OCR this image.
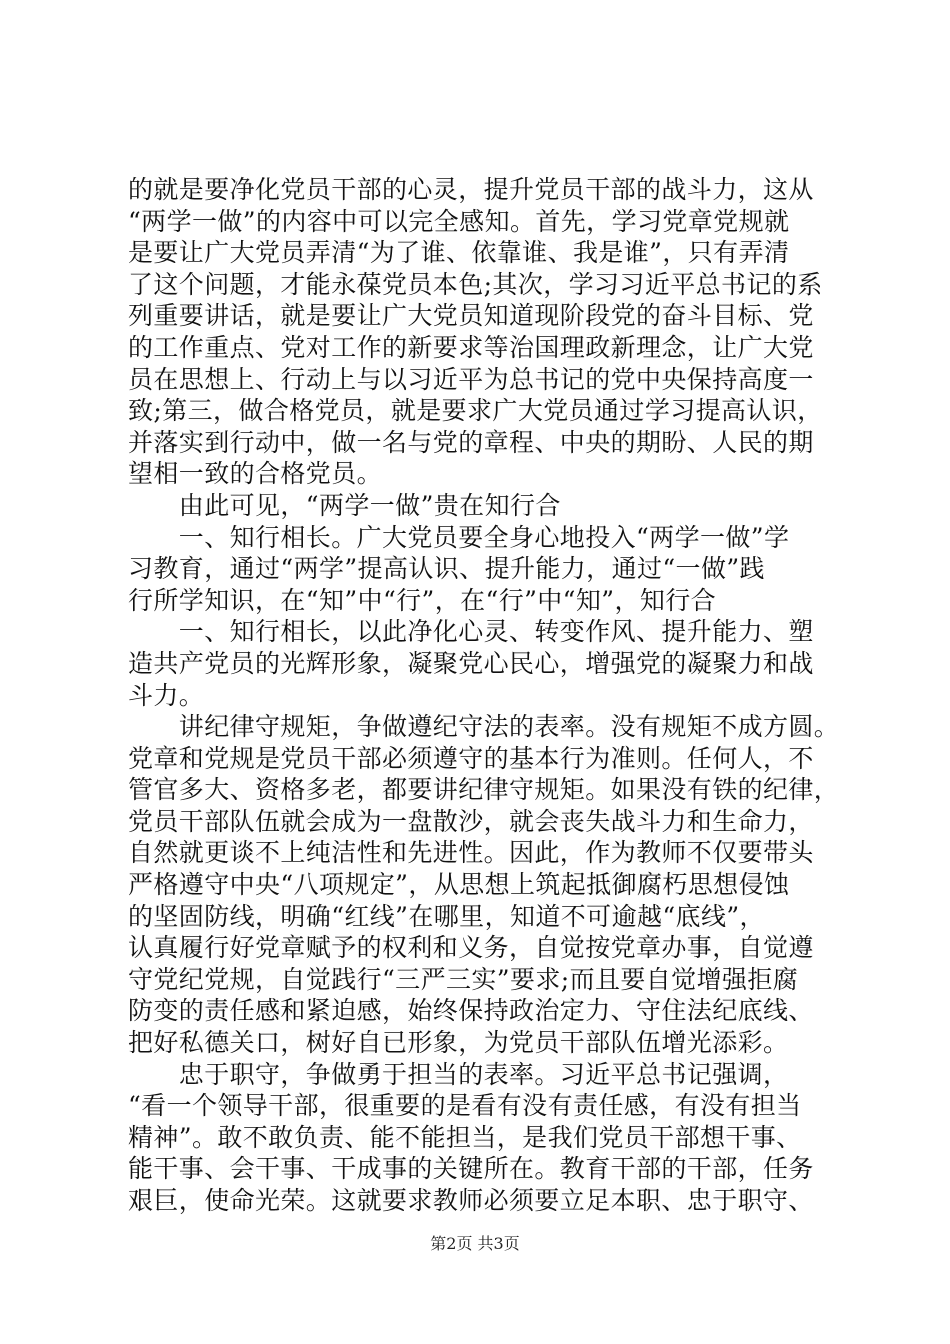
的就是要净化党员干部的心灵，提升党员干部的战斗力，这从
“两学一做”的内容中可以完全感知。首先，学习党章党规就
是要让广大党员弄清“为了谁、依靠谁、我是谁”，只有弄清
了这个问题，才能永葆党员本色;其次，学习习近平总书记的系
列重要讲话，就是要让广大党员知道现阶段党的奋斗目标、党
的工作重点、党对工作的新要求等治国理政新理念，让广大党
员在思想上、行动上与以习近平为总书记的党中央保持高度一
致;第三，做合格党员，就是要求广大党员通过学习提高认识，
并落实到行动中，做一名与党的章程、中央的期盼、人民的期
望相一致的合格党员。
　　由此可见，“两学一做”贵在知行合
　　一、知行相长。广大党员要全身心地投入“两学一做”学
习教育，通过“两学”提高认识、提升能力，通过“一做”践
行所学知识，在“知”中“行”，在“行”中“知”，知行合
　　一、知行相长，以此净化心灵、转变作风、提升能力、塑
造共产党员的光辉形象，凝聚党心民心，增强党的凝聚力和战
斗力。
　　讲纪律守规矩，争做遵纪守法的表率。没有规矩不成方圆。
党章和党规是党员干部必须遵守的基本行为准则。任何人，不
管官多大、资格多老，都要讲纪律守规矩。如果没有铁的纪律，
党员干部队伍就会成为一盘散沙，就会丧失战斗力和生命力，
自然就更谈不上纯洁性和先进性。因此，作为教师不仅要带头
严格遵守中央“八项规定”，从思想上筑起抵御腐朽思想侵蚀
的坚固防线，明确“红线”在哪里，知道不可逾越“底线”，
认真履行好党章赋予的权利和义务，自觉按党章办事，自觉遵
守党纪党规，自觉践行“三严三实”要求;而且要自觉增强拒腐
防变的责任感和紧迫感，始终保持政治定力、守住法纪底线、
把好私德关口，树好自已形象，为党员干部队伍增光添彩。
　　忠于职守，争做勇于担当的表率。习近平总书记强调，
“看一个领导干部，很重要的是看有没有责任感，有没有担当
精神”。敢不敢负责、能不能担当，是我们党员干部想干事、
能干事、会干事、干成事的关键所在。教育干部的干部，任务
艰巨，使命光荣。这就要求教师必须要立足本职、忠于职守、
第2页 共3页
